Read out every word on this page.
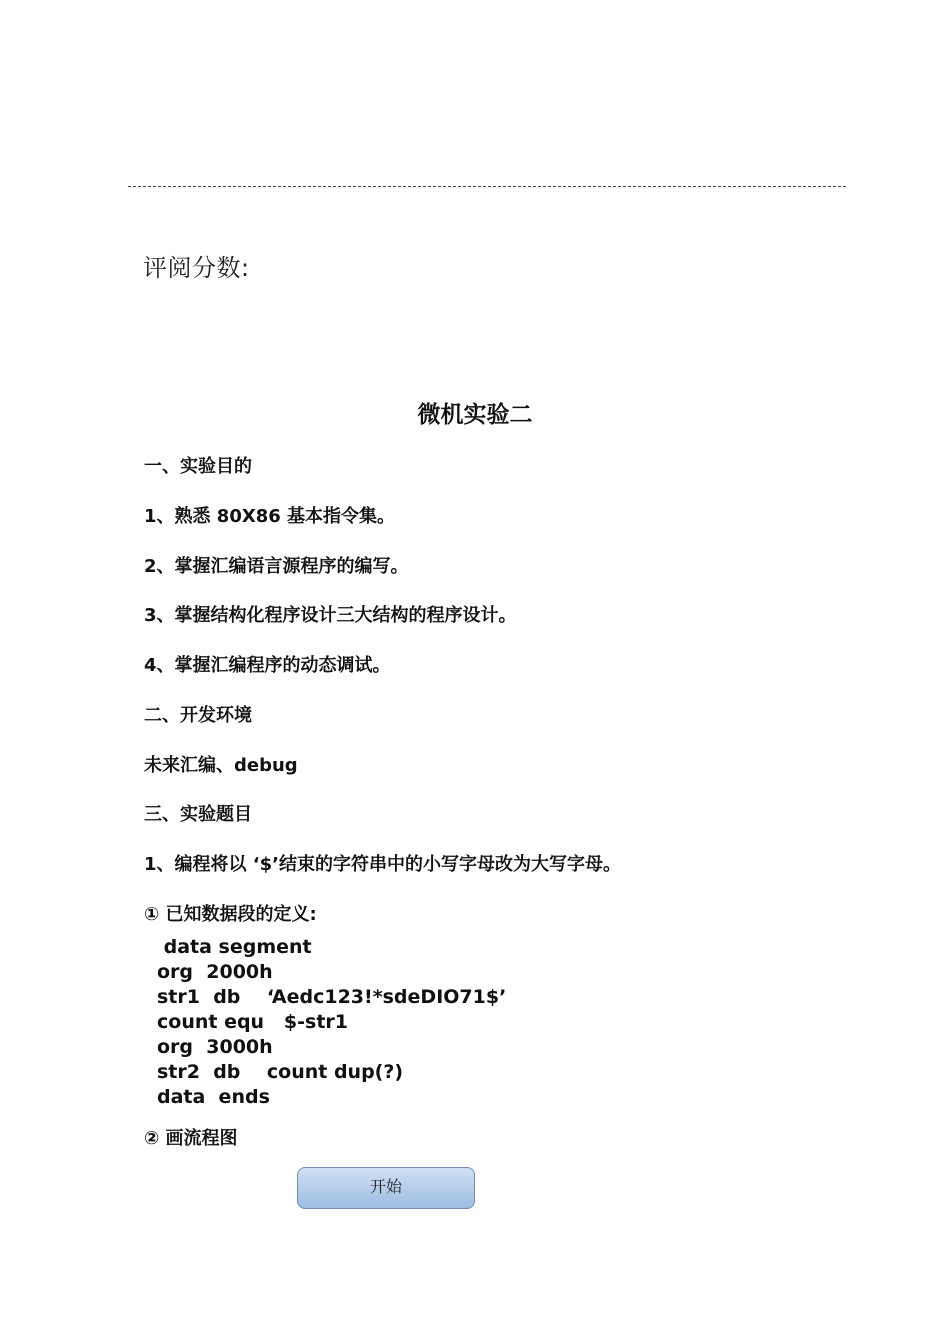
评阅分数:
微机实验二
一、实验目的
1、熟悉 80X86 基本指令集。
2、掌握汇编语言源程序的编写。
3、掌握结构化程序设计三大结构的程序设计。
4、掌握汇编程序的动态调试。
二、开发环境
未来汇编、debug
三、实验题目
1、编程将以 ‘$’结束的字符串中的小写字母改为大写字母。
① 已知数据段的定义:
data segment
org  2000h
str1  db    ‘Aedc123!*sdeDIO71$’
count equ   $-str1
org  3000h
str2  db    count dup(?)
data  ends
② 画流程图
开始
